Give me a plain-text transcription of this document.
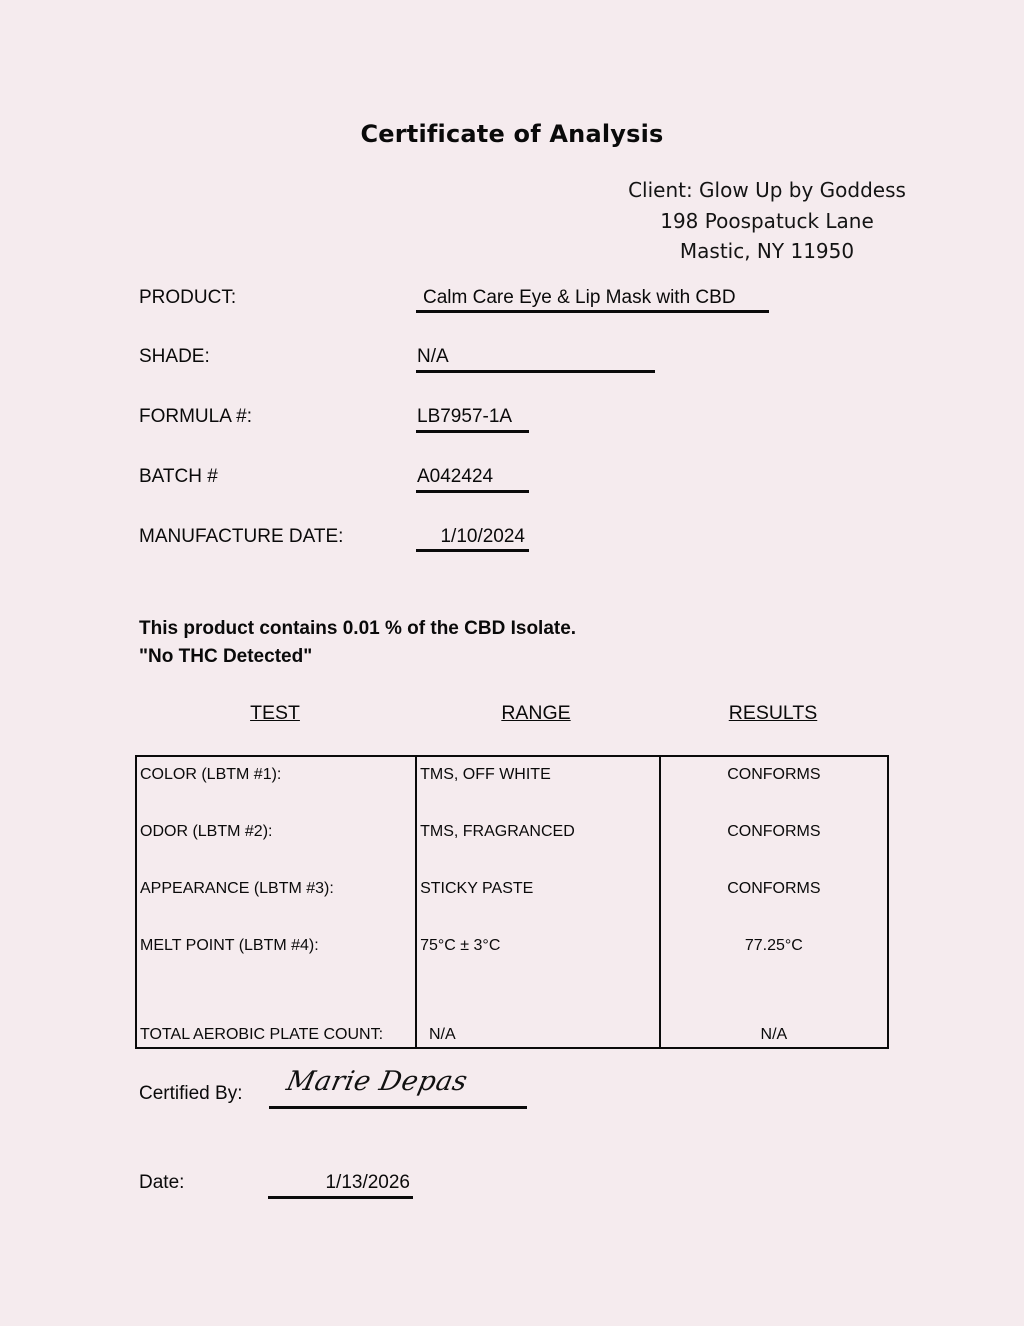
Certificate of Analysis
Client: Glow Up by Goddess
198 Poospatuck Lane
Mastic, NY 11950
PRODUCT:	Calm Care Eye & Lip Mask with CBD
SHADE:	N/A
FORMULA #:	LB7957-1A
BATCH #	A042424
MANUFACTURE DATE:	1/10/2024
This product contains 0.01 % of the CBD Isolate.
"No THC Detected"
TEST	RANGE	RESULTS
COLOR (LBTM #1):	TMS, OFF WHITE	CONFORMS

ODOR (LBTM #2):	TMS, FRAGRANCED	CONFORMS

APPEARANCE (LBTM #3):	STICKY PASTE	CONFORMS

MELT POINT (LBTM #4):	75°C ± 3°C	77.25°C

TOTAL AEROBIC PLATE COUNT:	N/A	N/A
Certified By: Marie Depas
Date:	1/13/2026
